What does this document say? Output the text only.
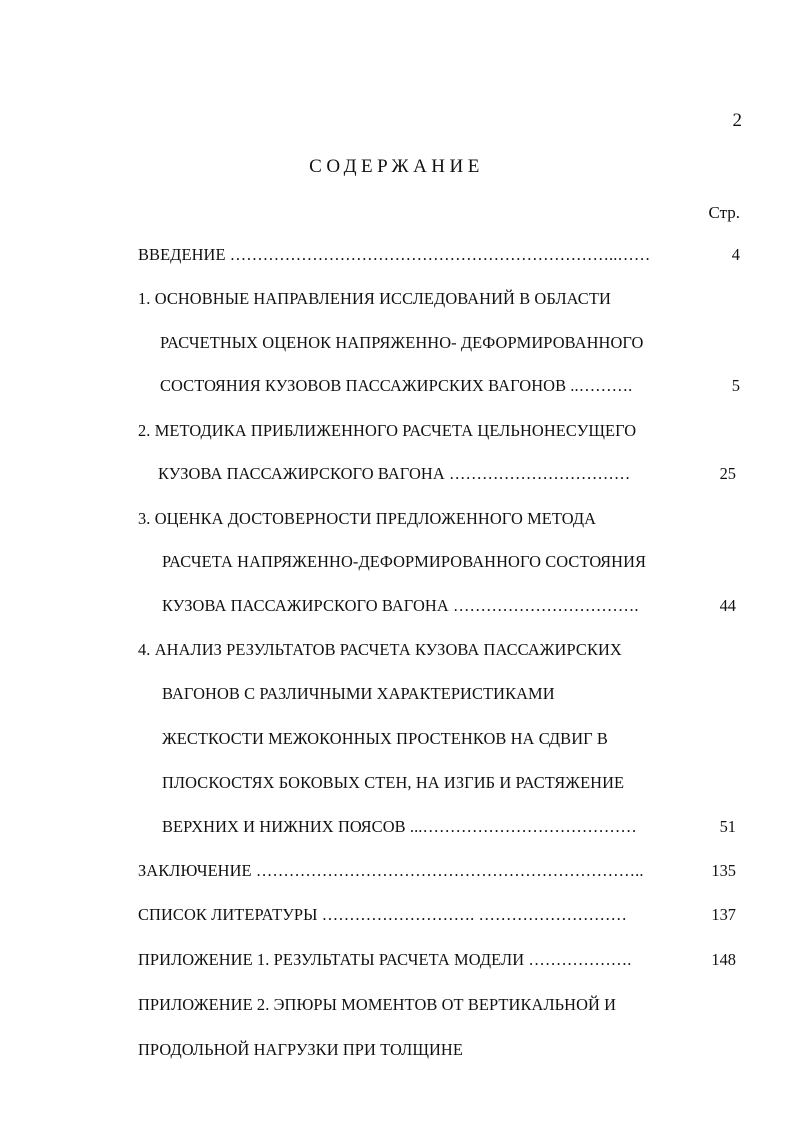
2
СОДЕРЖАНИЕ
Стр.
ВВЕДЕНИЕ ……………………………………………………………..……	4
1. ОСНОВНЫЕ НАПРАВЛЕНИЯ ИССЛЕДОВАНИЙ В ОБЛАСТИ
РАСЧЕТНЫХ ОЦЕНОК НАПРЯЖЕННО- ДЕФОРМИРОВАННОГО
СОСТОЯНИЯ КУЗОВОВ ПАССАЖИРСКИХ ВАГОНОВ ..……….	5
2. МЕТОДИКА ПРИБЛИЖЕННОГО РАСЧЕТА ЦЕЛЬНОНЕСУЩЕГО
КУЗОВА ПАССАЖИРСКОГО ВАГОНА ……………………………	25
3. ОЦЕНКА ДОСТОВЕРНОСТИ ПРЕДЛОЖЕННОГО МЕТОДА
РАСЧЕТА НАПРЯЖЕННО-ДЕФОРМИРОВАННОГО СОСТОЯНИЯ
КУЗОВА ПАССАЖИРСКОГО ВАГОНА …………………………….	44
4. АНАЛИЗ РЕЗУЛЬТАТОВ РАСЧЕТА КУЗОВА ПАССАЖИРСКИХ
ВАГОНОВ С РАЗЛИЧНЫМИ ХАРАКТЕРИСТИКАМИ
ЖЕСТКОСТИ МЕЖОКОННЫХ ПРОСТЕНКОВ НА СДВИГ В
ПЛОСКОСТЯХ БОКОВЫХ СТЕН, НА ИЗГИБ И РАСТЯЖЕНИЕ
ВЕРХНИХ И НИЖНИХ ПОЯСОВ ...…………………………………	51
ЗАКЛЮЧЕНИЕ ……………………………………………………………..	135
СПИСОК ЛИТЕРАТУРЫ ………………………. ………………………	137
ПРИЛОЖЕНИЕ 1. РЕЗУЛЬТАТЫ РАСЧЕТА МОДЕЛИ ……………….	148
ПРИЛОЖЕНИЕ 2. ЭПЮРЫ МОМЕНТОВ ОТ ВЕРТИКАЛЬНОЙ И
ПРОДОЛЬНОЙ НАГРУЗКИ ПРИ ТОЛЩИНЕ
